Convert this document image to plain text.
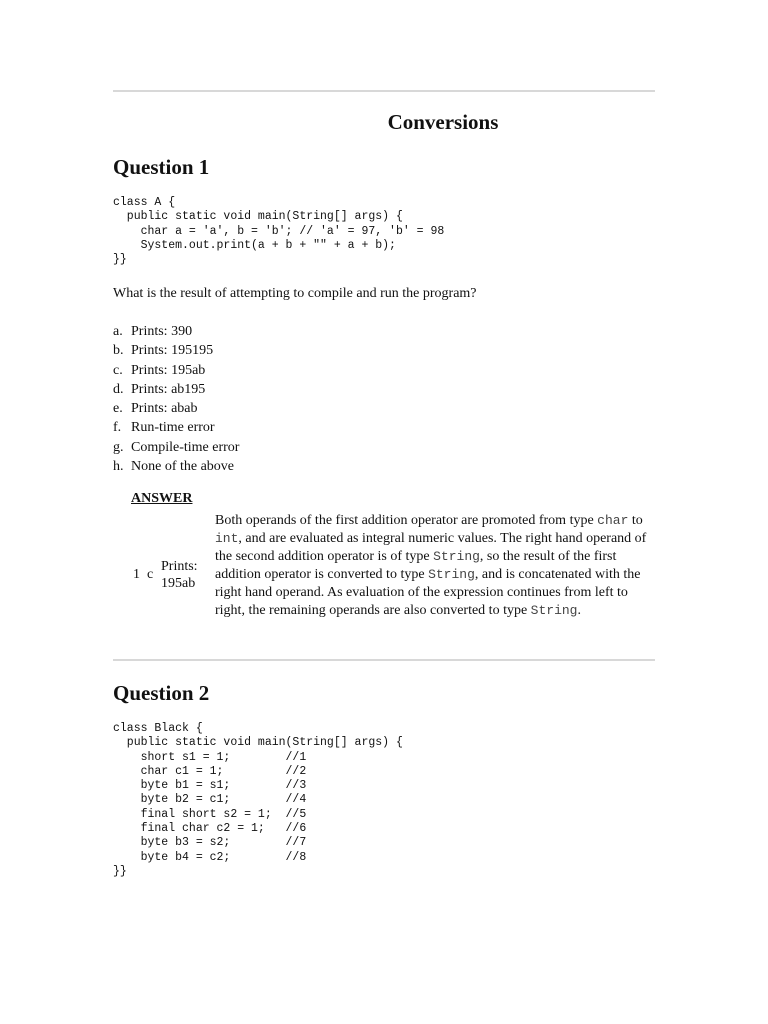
Conversions
Question 1
class A {
public static void main(String[] args) {
char a = 'a', b = 'b'; // 'a' = 97, 'b' = 98
System.out.print(a + b + "" + a + b);
}}

What is the result of attempting to compile and run the program?

a. Prints: 390
b. Prints: 195195
c. Prints: 195ab
d. Prints: ab195
e. Prints: abab
f. Run-time error
g. Compile-time error
h. None of the above
ANSWER
1 c
Prints: 195ab

Both operands of the first addition operator are promoted from type char to int, and are evaluated as integral numeric values. The right hand operand of the second addition operator is of type String, so the result of the first addition operator is converted to type String, and is concatenated with the right hand operand. As evaluation of the expression continues from left to right, the remaining operands are also converted to type String.

Question 2
class Black {
public static void main(String[] args) {
short s1 = 1;        //1
char c1 = 1;         //2
byte b1 = s1;        //3
byte b2 = c1;        //4
final short s2 = 1;  //5
final char c2 = 1;   //6
byte b3 = s2;        //7
byte b4 = c2;        //8
}}
